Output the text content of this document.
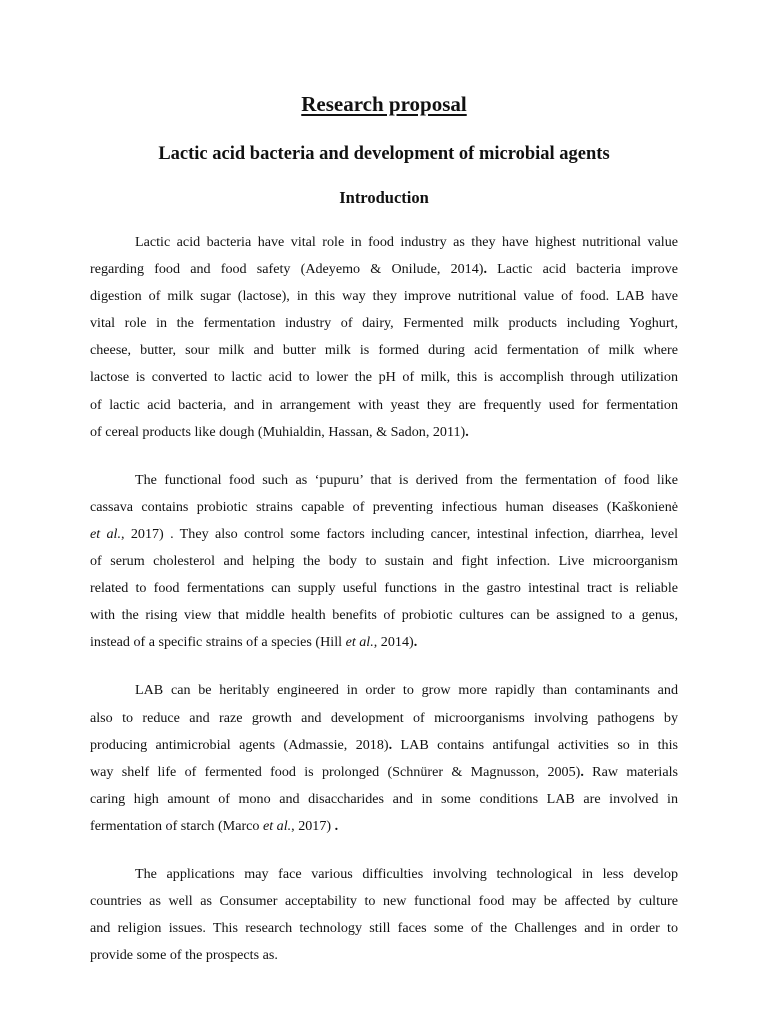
Research proposal
Lactic acid bacteria and development of microbial agents
Introduction
Lactic acid bacteria have vital role in food industry as they have highest nutritional value
regarding food and food safety (Adeyemo & Onilude, 2014). Lactic acid bacteria improve
digestion of milk sugar (lactose), in this way they improve nutritional value of food. LAB have
vital role in the fermentation industry of dairy, Fermented milk products including Yoghurt,
cheese, butter, sour milk and butter milk is formed during acid fermentation of milk where
lactose is converted to lactic acid to lower the pH of milk, this is accomplish through utilization
of lactic acid bacteria, and in arrangement with yeast they are frequently used for fermentation
of cereal products like dough (Muhialdin, Hassan, & Sadon, 2011).
The functional food such as ‘pupuru’ that is derived from the fermentation of food like
cassava contains probiotic strains capable of preventing infectious human diseases (Kaškonienė
et al., 2017) . They also control some factors including cancer, intestinal infection, diarrhea, level
of serum cholesterol and helping the body to sustain and fight infection. Live microorganism
related to food fermentations can supply useful functions in the gastro intestinal tract is reliable
with the rising view that middle health benefits of probiotic cultures can be assigned to a genus,
instead of a specific strains of a species (Hill et al., 2014).
LAB can be heritably engineered in order to grow more rapidly than contaminants and
also to reduce and raze growth and development of microorganisms involving pathogens by
producing antimicrobial agents (Admassie, 2018). LAB contains antifungal activities so in this
way shelf life of fermented food is prolonged (Schnürer & Magnusson, 2005). Raw materials
caring high amount of mono and disaccharides and in some conditions LAB are involved in
fermentation of starch (Marco et al., 2017) .
The applications may face various difficulties involving technological in less develop
countries as well as Consumer acceptability to new functional food may be affected by culture
and religion issues. This research technology still faces some of the Challenges and in order to
provide some of the prospects as.
